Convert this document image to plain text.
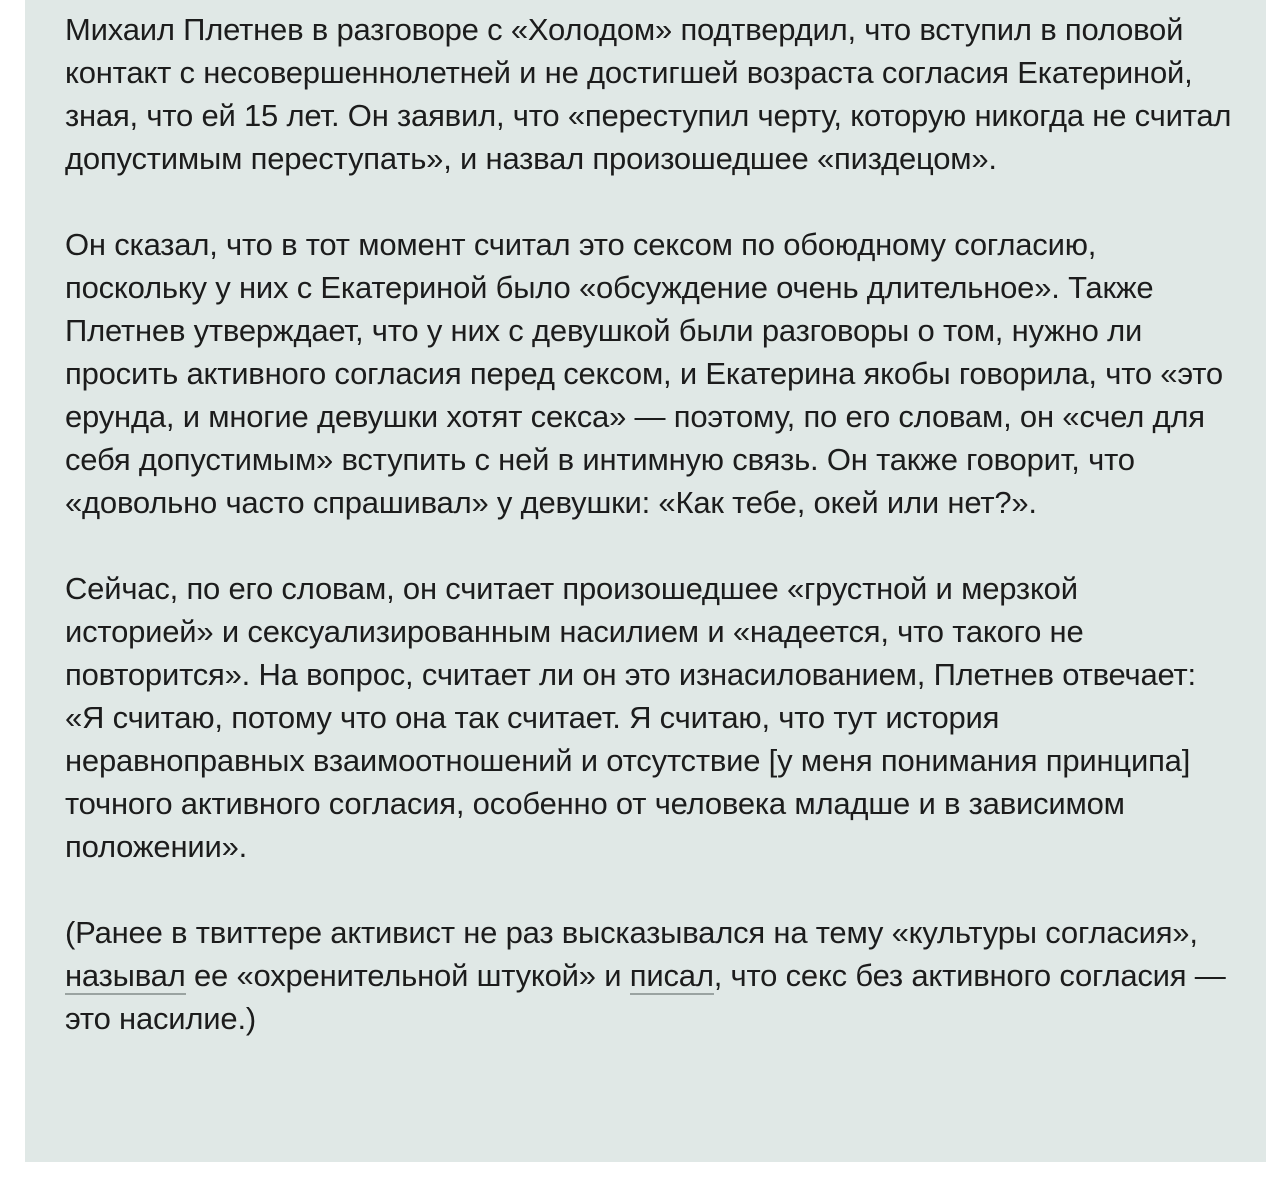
Михаил Плетнев в разговоре с «Холодом» подтвердил, что вступил в половой контакт с несовершеннолетней и не достигшей возраста согласия Екатериной, зная, что ей 15 лет. Он заявил, что «переступил черту, которую никогда не считал допустимым переступать», и назвал произошедшее «пиздецом».

Он сказал, что в тот момент считал это сексом по обоюдному согласию, поскольку у них с Екатериной было «обсуждение очень длительное». Также Плетнев утверждает, что у них с девушкой были разговоры о том, нужно ли просить активного согласия перед сексом, и Екатерина якобы говорила, что «это ерунда, и многие девушки хотят секса» — поэтому, по его словам, он «счел для себя допустимым» вступить с ней в интимную связь. Он также говорит, что «довольно часто спрашивал» у девушки: «Как тебе, окей или нет?».

Сейчас, по его словам, он считает произошедшее «грустной и мерзкой историей» и сексуализированным насилием и «надеется, что такого не повторится». На вопрос, считает ли он это изнасилованием, Плетнев отвечает: «Я считаю, потому что она так считает. Я считаю, что тут история неравноправных взаимоотношений и отсутствие [у меня понимания принципа] точного активного согласия, особенно от человека младше и в зависимом положении».

(Ранее в твиттере активист не раз высказывался на тему «культуры согласия», называл ее «охренительной штукой» и писал, что секс без активного согласия — это насилие.)
